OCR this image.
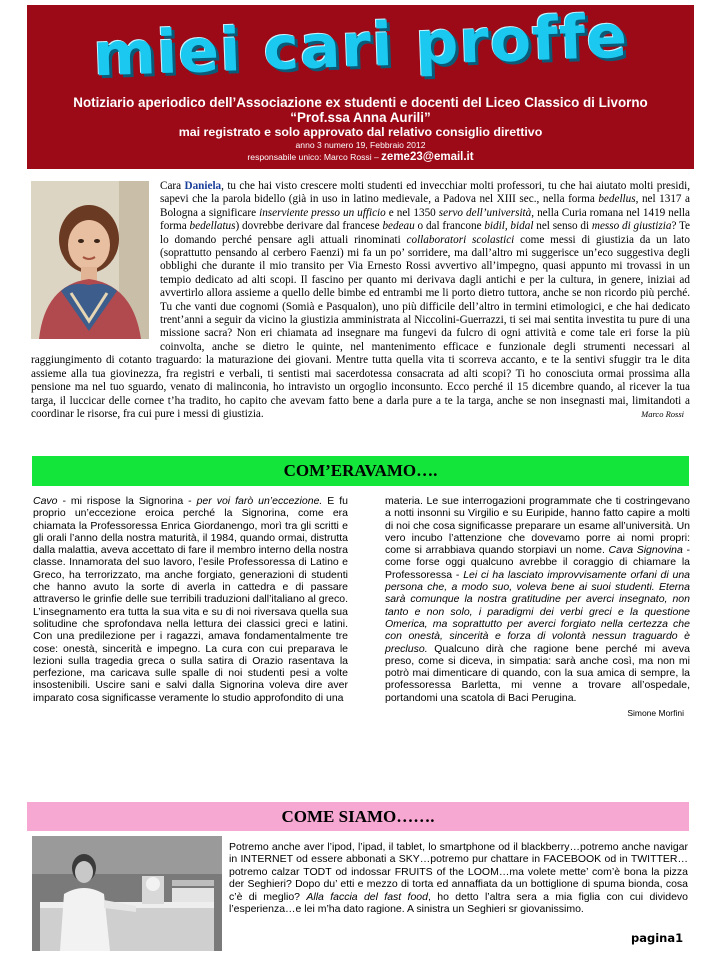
miei cari proffe
Notiziario aperiodico dell’Associazione ex studenti e docenti del Liceo Classico di Livorno “Prof.ssa Anna Aurili”
mai registrato e solo approvato dal relativo consiglio direttivo
anno 3 numero 19, Febbraio 2012
responsabile unico: Marco Rossi – zeme23@email.it
Cara Daniela, tu che hai visto crescere molti studenti ed invecchiar molti professori, tu che hai aiutato molti presidi, sapevi che la parola bidello (già in uso in latino medievale, a Padova nel XIII sec., nella forma bedellus, nel 1317 a Bologna a significare inserviente presso un ufficio e nel 1350 servo dell’università, nella Curia romana nel 1419 nella forma bedellatus) dovrebbe derivare dal francese bedeau o dal francone bidil, bidal nel senso di messo di giustizia? Te lo domando perché pensare agli attuali rinominati collaboratori scolastici come messi di giustizia da un lato (soprattutto pensando al cerbero Faenzi) mi fa un po’ sorridere, ma dall’altro mi suggerisce un’eco suggestiva degli obblighi che durante il mio transito per Via Ernesto Rossi avvertivo all’impegno, quasi appunto mi trovassi in un tempio dedicato ad alti scopi. Il fascino per quanto mi derivava dagli antichi e per la cultura, in genere, iniziai ad avvertirlo allora assieme a quello delle bimbe ed entrambi me li porto dietro tuttora, anche se non ricordo più perché. Tu che vanti due cognomi (Somià e Pasqualon), uno più difficile dell’altro in termini etimologici, e che hai dedicato trent’anni a seguir da vicino la giustizia amministrata al Niccolini-Guerrazzi, ti sei mai sentita investita tu pure di una missione sacra? Non eri chiamata ad insegnare ma fungevi da fulcro di ogni attività e come tale eri forse la più coinvolta, anche se dietro le quinte, nel mantenimento efficace e funzionale degli strumenti necessari al raggiungimento di cotanto traguardo: la maturazione dei giovani. Mentre tutta quella vita ti scorreva accanto, e te la sentivi sfuggir tra le dita assieme alla tua giovinezza, fra registri e verbali, ti sentisti mai sacerdotessa consacrata ad alti scopi? Ti ho conosciuta ormai prossima alla pensione ma nel tuo sguardo, venato di malinconia, ho intravisto un orgoglio inconsunto. Ecco perché il 15 dicembre quando, al ricever la tua targa, il luccicar delle cornee t’ha tradito, ho capito che avevam fatto bene a darla pure a te la targa, anche se non insegnasti mai, limitandoti a coordinar le risorse, fra cui pure i messi di giustizia.	Marco Rossi
COM’ERAVAMO….
Cavo - mi rispose la Signorina - per voi farò un’eccezione. E fu proprio un’eccezione eroica perché la Signorina, come era chiamata la Professoressa Enrica Giordanengo, morì tra gli scritti e gli orali l’anno della nostra maturità, il 1984, quando ormai, distrutta dalla malattia, aveva accettato di fare il membro interno della nostra classe. Innamorata del suo lavoro, l’esile Professoressa di Latino e Greco, ha terrorizzato, ma anche forgiato, generazioni di studenti che hanno avuto la sorte di averla in cattedra e di passare attraverso le grinfie delle sue terribili traduzioni dall’italiano al greco. L’insegnamento era tutta la sua vita e su di noi riversava quella sua solitudine che sprofondava nella lettura dei classici greci e latini. Con una predilezione per i ragazzi, amava fondamentalmente tre cose: onestà, sincerità e impegno. La cura con cui preparava le lezioni sulla tragedia greca o sulla satira di Orazio rasentava la perfezione, ma caricava sulle spalle di noi studenti pesi a volte insostenibili. Uscire sani e salvi dalla Signorina voleva dire aver imparato cosa significasse veramente lo studio approfondito di una
materia. Le sue interrogazioni programmate che ti costringevano a notti insonni su Virgilio e su Euripide, hanno fatto capire a molti di noi che cosa significasse preparare un esame all’università. Un vero incubo l’attenzione che dovevamo porre ai nomi propri: come si arrabbiava quando storpiavi un nome. Cava Signovina - come forse oggi qualcuno avrebbe il coraggio di chiamare la Professoressa - Lei ci ha lasciato improvvisamente orfani di una persona che, a modo suo, voleva bene ai suoi studenti. Eterna sarà comunque la nostra gratitudine per averci insegnato, non tanto e non solo, i paradigmi dei verbi greci e la questione Omerica, ma soprattutto per averci forgiato nella certezza che con onestà, sincerità e forza di volontà nessun traguardo è precluso. Qualcuno dirà che ragione bene perché mi aveva preso, come si diceva, in simpatia: sarà anche così, ma non mi potrò mai dimenticare di quando, con la sua amica di sempre, la professoressa Barletta, mi venne a trovare all’ospedale, portandomi una scatola di Baci Perugina.

Simone Morfini
COME SIAMO…….
Potremo anche aver l’ipod, l’ipad, il tablet, lo smartphone od il blackberry…potremo anche navigar in INTERNET od essere abbonati a SKY…potremo pur chattare in FACEBOOK od in TWITTER…potremo calzar TODT od indossar FRUITS of the LOOM…ma volete mette’ com’è bona la pizza der Seghieri? Dopo du’ etti e mezzo di torta ed annaffiata da un bottiglione di spuma bionda, cosa c’è di meglio? Alla faccia del fast food, ho detto l’altra sera a mia figlia con cui dividevo l’esperienza…e lei m’ha dato ragione. A sinistra un Seghieri sr giovanissimo.
pagina1
